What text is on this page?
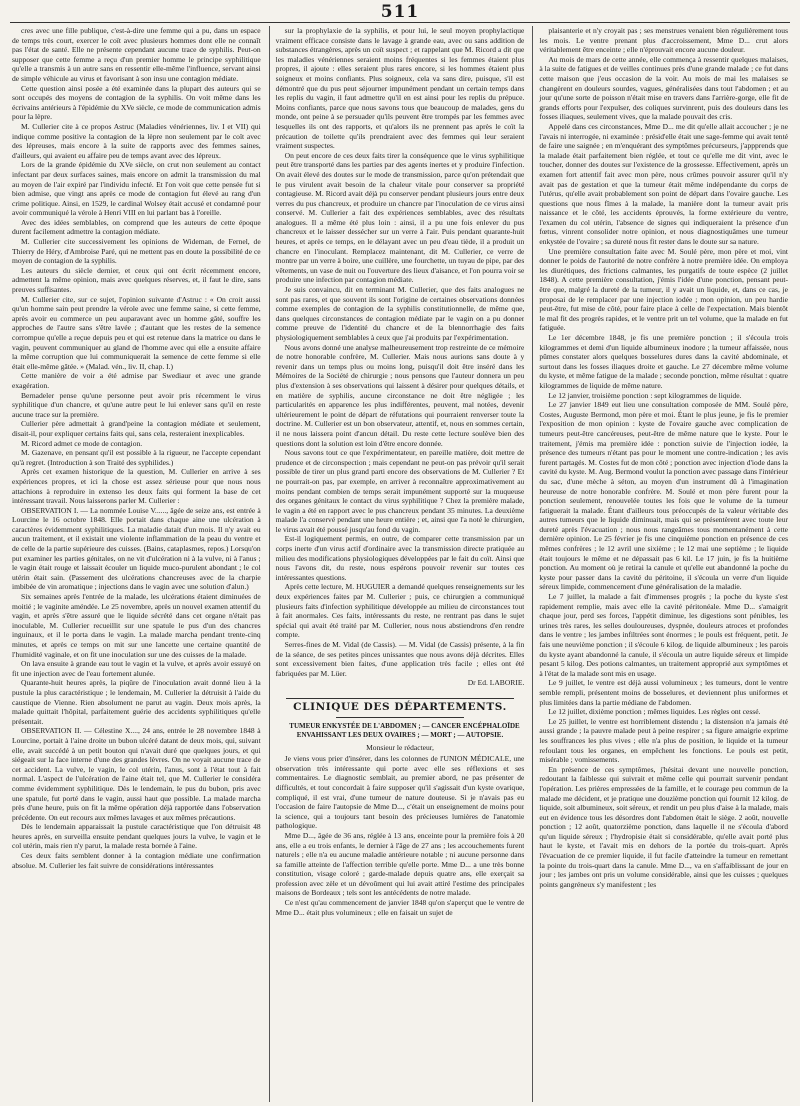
511

cres avec une fille publique, c'est-à-dire une femme qui a pu, dans un espace de temps très court, exercer le coït avec plusieurs hommes dont elle ne connaît pas l'état de santé. Elle ne présente cependant aucune trace de syphilis. Peut-on supposer que cette femme a reçu d'un premier homme le principe syphilitique qu'elle a transmis à un autre sans en ressentir elle-même l'influence, servant ainsi de simple véhicule au virus et favorisant à son insu une contagion médiate.

Cette question ainsi posée a été examinée dans la plupart des auteurs qui se sont occupés des moyens de contagion de la syphilis. On voit même dans les écrivains antérieurs à l'épidémie du XVe siècle, ce mode de communication admis pour la lèpre.

M. Cullerier cite à ce propos Astruc (Maladies vénériennes, liv. I et VII) qui indique comme positive la contagion de la lèpre non seulement par le coït avec des lépreuses, mais encore à la suite de rapports avec des femmes saines, d'ailleurs, qui avaient eu affaire peu de temps avant avec des lépreux.

Lors de la grande épidémie du XVe siècle, on crut non seulement au contact infectant par deux surfaces saines, mais encore on admit la transmission du mal au moyen de l'air expiré par l'individu infecté. Et l'on voit que cette pensée fut si bien admise, que vingt ans après ce mode de contagion fut élevé au rang d'un crime politique. Ainsi, en 1529, le cardinal Wolsey était accusé et condamné pour avoir communiqué la vérole à Henri VIII en lui parlant bas à l'oreille.

Avec des idées semblables, on comprend que les auteurs de cette époque durent facilement admettre la contagion médiate.

M. Cullerier cite successivement les opinions de Wideman, de Fernel, de Thierry de Héry, d'Ambroise Paré, qui ne mettent pas en doute la possibilité de ce moyen de contagion de la syphilis.

Les auteurs du siècle dernier, et ceux qui ont écrit récemment encore, admettent la même opinion, mais avec quelques réserves, et, il faut le dire, sans preuves suffisantes.

M. Cullerier cite, sur ce sujet, l'opinion suivante d'Astruc : « On croit aussi qu'un homme sain peut prendre la vérole avec une femme saine, si cette femme, après avoir eu commerce un peu auparavant avec un homme gâté, souffre les approches de l'autre sans s'être lavée ; d'autant que les restes de la semence corrompue qu'elle a reçue depuis peu et qui est retenue dans la matrice ou dans le vagin, peuvent communiquer au gland de l'homme avec qui elle a ensuite affaire la même corruption que lui communiquerait la semence de cette femme si elle était elle-même gâtée. » (Malad. vén., liv. II, chap. I.)

Cette manière de voir a été admise par Swediaur et avec une grande exagération.

Bernadeler pense qu'une personne peut avoir pris récemment le virus syphilitique d'un chancre, et qu'une autre peut le lui enlever sans qu'il en reste aucune trace sur la première.

Cullerier père admettait à grand'peine la contagion médiate et seulement, disait-il, pour expliquer certains faits qui, sans cela, resteraient inexplicables.

M. Ricord admet ce mode de contagion.

M. Gazenave, en pensant qu'il est possible à la rigueur, ne l'accepte cependant qu'à regret. (Introduction à son Traité des syphilides.)

Après cet examen historique de la question, M. Cullerier en arrive à ses expériences propres, et ici la chose est assez sérieuse pour que nous nous attachions à reproduire in extenso les deux faits qui forment la base de cet intéressant travail. Nous laisserons parler M. Cullerier :

OBSERVATION I. — La nommée Louise V......, âgée de seize ans, est entrée à Lourcine le 16 octobre 1848. Elle portait dans chaque aine une ulcération à caractères évidemment syphilitiques. La maladie datait d'un mois. Il n'y avait eu aucun traitement, et il existait une violente inflammation de la peau du ventre et de celle de la partie supérieure des cuisses. (Bains, cataplasmes, repos.) Lorsqu'on put examiner les parties génitales, on ne vit d'ulcération ni à la vulve, ni à l'anus ; le vagin était rouge et laissait écouler un liquide muco-purulent abondant ; le col utérin était sain. (Passement des ulcérations chancreuses avec de la charpie imbibée de vin aromatique ; injections dans le vagin avec une solution d'alun.)

Six semaines après l'entrée de la malade, les ulcérations étaient diminuées de moitié ; le vaginite améndée. Le 25 novembre, après un nouvel examen attentif du vagin, et après s'être assuré que le liquide sécrété dans cet organe n'était pas inoculable, M. Cullerier recueillit sur une spatule le pus d'un des chancres inguinaux, et il le porta dans le vagin. La malade marcha pendant trente-cinq minutes, et après ce temps on mit sur une lancette une certaine quantité de l'humidité vaginale, et on fit une inoculation sur une des cuisses de la malade.

On lava ensuite à grande eau tout le vagin et la vulve, et après avoir essuyé on fit une injection avec de l'eau fortement alunée.

Quarante-huit heures après, la piqûre de l'inoculation avait donné lieu à la pustule la plus caractéristique ; le lendemain, M. Cullerier la détruisit à l'aide du caustique de Vienne. Rien absolument ne parut au vagin. Deux mois après, la malade quittait l'hôpital, parfaitement guérie des accidents syphilitiques qu'elle présentait.

OBSERVATION II. — Célestine X...., 24 ans, entrée le 28 novembre 1848 à Lourcine, portait à l'aine droite un bubon ulcéré datant de deux mois, qui, suivant elle, avait succédé à un petit bouton qui n'avait duré que quelques jours, et qui siégeait sur la face interne d'une des grandes lèvres. On ne voyait aucune trace de cet accident. La vulve, le vagin, le col utérin, l'anus, sont à l'état tout à fait normal. L'aspect de l'ulcération de l'aine était tel, que M. Cullerier le considéra comme évidemment syphilitique. Dès le lendemain, le pus du bubon, pris avec une spatule, fut porté dans le vagin, aussi haut que possible. La malade marcha près d'une heure, puis on fit la même opération déjà rapportée dans l'observation précédente. On eut recours aux mêmes lavages et aux mêmes précautions.

Dès le lendemain apparaissait la pustule caractéristique que l'on détruisit 48 heures après, en surveilla ensuite pendant quelques jours la vulve, le vagin et le col utérin, mais rien n'y parut, la malade resta bornée à l'aine.

Ces deux faits semblent donner à la contagion médiate une confirmation absolue. M. Cullerier les fait suivre de considérations intéressantes

sur la prophylaxie de la syphilis, et pour lui, le seul moyen prophylactique vraiment efficace consiste dans le lavage à grande eau, avec ou sans addition de substances étrangères, après un coït suspect ; et rappelant que M. Ricord a dit que les maladies vénériennes seraient moins fréquentes si les femmes étaient plus propres, il ajoute : elles seraient plus rares encore, si les hommes étaient plus soigneux et moins confiants. Plus soigneux, cela va sans dire, puisque, s'il est démontré que du pus peut séjourner impunément pendant un certain temps dans les replis du vagin, il faut admettre qu'il en est ainsi pour les replis du prépuce. Moins confiants, parce que nous savons tous que beaucoup de malades, gens du monde, ont peine à se persuader qu'ils peuvent être trompés par les femmes avec lesquelles ils ont des rapports, et qu'alors ils ne prennent pas après le coït la précaution de toilette qu'ils prendraient avec des femmes qui leur seraient vraiment suspectes.

On peut encore de ces deux faits tirer la conséquence que le virus syphilitique peut être transporté dans les parties par des agents inertes et y produire l'infection. On avait élevé des doutes sur le mode de transmission, parce qu'on prétendait que le pus virulent avait besoin de la chaleur vitale pour conserver sa propriété contagieuse. M. Ricord avait déjà pu conserver pendant plusieurs jours entre deux verres du pus chancreux, et produire un chancre par l'inoculation de ce virus ainsi conservé. M. Cullerier a fait des expériences semblables, avec des résultats analogues. Il a même été plus loin : ainsi, il a pu une fois enlever du pus chancreux et le laisser dessécher sur un verre à l'air. Puis pendant quarante-huit heures, et après ce temps, en le délayant avec un peu d'eau tiède, il a produit un chancre en l'inoculant. Remplacez maintenant, dit M. Cullerier, ce verre de montre par un verre à boire, une cuillère, une fourchette, un tuyau de pipe, par des vêtements, un vase de nuit ou l'ouverture des lieux d'aisance, et l'on pourra voir se produire une infection par contagion médiate.

Je suis convaincu, dit en terminant M. Cullerier, que des faits analogues ne sont pas rares, et que souvent ils sont l'origine de certaines observations données comme exemples de contagion de la syphilis constitutionnelle, de même que, dans quelques circonstances de contagion médiate par le vagin on a pu donner comme preuve de l'identité du chancre et de la blennorrhagie des faits physiologiquement semblables à ceux que j'ai produits par l'expérimentation.

Nous avons donné une analyse malheureusement trop restreinte de ce mémoire de notre honorable confrère, M. Cullerier. Mais nous aurions sans doute à y revenir dans un temps plus ou moins long, puisqu'il doit être inséré dans les Mémoires de la Société de chirurgie ; nous pensons que l'auteur donnera un peu plus d'extension à ses observations qui laissent à désirer pour quelques détails, et en matière de syphilis, aucune circonstance ne doit être négligée ; les particularités en apparence les plus indifférentes, peuvent, mal notées, devenir ultérieurement le point de départ de réfutations qui pourraient renverser toute la doctrine. M. Cullerier est un bon observateur, attentif, et, nous en sommes certain, il ne nous laissera point d'ancun détail. Du reste cette lecture soulève bien des questions dont la solution est loin d'être encore donnée.

Nous savons tout ce que l'expérimentateur, en pareille matière, doit mettre de prudence et de circonspection ; mais cependant ne peut-on pas prévoir qu'il serait possible de tirer un plus grand parti encore des observations de M. Cullerier ? Et ne pourrait-on pas, par exemple, en arriver à reconnaître approximativement au moins pendant combien de temps serait impunément supporté sur la muqueuse des organes génitaux le contact du virus syphilitique ? Chez la première malade, le vagin a été en rapport avec le pus chancreux pendant 35 minutes. La deuxième malade l'a conservé pendant une heure entière ; et, ainsi que l'a noté le chirurgien, le virus avait été poussé jusqu'au fond du vagin.

Est-il logiquement permis, en outre, de comparer cette transmission par un corps inerte d'un virus actif d'ordinaire avec la transmission directe pratiquée au milieu des modifications physiologiques développées par le fait du coït. Ainsi que nous l'avons dit, du reste, nous espérons pouvoir revenir sur toutes ces intéressantes questions.

Après cette lecture, M. HUGUIER a demandé quelques renseignements sur les deux expériences faites par M. Cullerier ; puis, ce chirurgien a communiqué plusieurs faits d'infection syphilitique développée au milieu de circonstances tout à fait anormales. Ces faits, intéressants du reste, ne rentrant pas dans le sujet spécial qui avait été traité par M. Cullerier, nous nous abstiendrons d'en rendre compte.

Serres-fines de M. Vidal (de Cassis). — M. Vidal (de Cassis) présente, à la fin de la séance, de ses petites pinces unissantes que nous avons déjà décrites. Elles sont excessivement bien faites, d'une application très facile ; elles ont été fabriquées par M. Lüer.

Dr Ed. LABORIE.

CLINIQUE DES DÉPARTEMENTS.

TUMEUR ENKYSTÉE DE L'ABDOMEN ; — CANCER ENCÉPHALOÏDE ENVAHISSANT LES DEUX OVAIRES ; — MORT ; — AUTOPSIE.

Monsieur le rédacteur,

Je viens vous prier d'insérer, dans les colonnes de l'UNION MÉDICALE, une observation très intéressante qui porte avec elle ses réflexions et ses commentaires. Le diagnostic semblait, au premier abord, ne pas présenter de difficultés, et tout concordait à faire supposer qu'il s'agissait d'un kyste ovarique, compliqué, il est vrai, d'une tumeur de nature douteuse. Si je n'avais pas eu l'occasion de faire l'autopsie de Mme D..., c'était un enseignement de moins pour la science, qui a toujours tant besoin des précieuses lumières de l'anatomie pathologique.

Mme D..., âgée de 36 ans, réglée à 13 ans, enceinte pour la première fois à 20 ans, elle a eu trois enfants, le dernier à l'âge de 27 ans ; les accouchements furent naturels ; elle n'a eu aucune maladie antérieure notable ; ni aucune personne dans sa famille atteinte de l'affection terrible qu'elle porte. Mme D... a une très bonne constitution, visage coloré ; garde-malade depuis quatre ans, elle exerçait sa profession avec zèle et un dévoûment qui lui avait attiré l'estime des principales maisons de Bordeaux ; tels sont les antécédents de notre malade.

Ce n'est qu'au commencement de janvier 1848 qu'on s'aperçut que le ventre de Mme D... était plus volumineux ; elle en faisait un sujet de

plaisanterie et n'y croyait pas ; ses menstrues venaient bien régulièrement tous les mois. Le ventre prenant plus d'accroissement, Mme D... crut alors véritablement être enceinte ; elle n'éprouvait encore aucune douleur.

Au mois de mars de cette année, elle commença à ressentir quelques malaises, à la suite de fatigues et de veilles continues près d'une grande malade ; ce fut dans cette maison que j'eus occasion de la voir. Au mois de mai les malaises se changèrent en douleurs sourdes, vagues, généralisées dans tout l'abdomen ; et au jour qu'une sorte de poisson n'était mise en travers dans l'arrière-gorge, elle fit de grands efforts pour l'expulser, des coliques survinrent, puis des douleurs dans les fosses iliaques, seulement vives, que la malade pouvait des cris.

Appelé dans ces circonstances, Mme D... me dit qu'elle allait accoucher ; je ne l'avais ni interrogée, ni examinée : présid'elle était une sage-femme qui avait tenté de faire une saignée ; en m'enquérant des symptômes précurseurs, j'appprends que la malade était parfaitement bien réglée, et tout ce qu'elle me dit vint, avec le toucher, donner des doutes sur l'existence de la grossesse. Effectivement, après un examen fort attentif fait avec mon père, nous crûmes pouvoir assurer qu'il n'y avait pas de gestation et que la tumeur était même indépendante du corps de l'utérus, qu'elle avait probablement son point de départ dans l'ovaire gauche. Les questions que nous fîmes à la malade, la manière dont la tumeur avait pris naissance et le côté, les accidents éprouvés, la forme extérieure du ventre, l'examen du col utérin, l'absence de signes qui indiqueraient la présence d'un fœtus, vinrent consolider notre opinion, et nous diagnostiquâmes une tumeur enkystée de l'ovaire ; sa dureté nous fit rester dans le doute sur sa nature.

Une première consultation faite avec M. Soulé père, mon père et moi, vint donner le poids de l'autorité de notre confrère à notre première idée. On employa les diurétiques, des frictions calmantes, les purgatifs de toute espèce (2 juillet 1848). A cette première consultation, j'émis l'idée d'une ponction, pensant peut-être que, malgré la dureté de la tumeur, il y avait un liquide, et, dans ce cas, je proposai de le remplacer par une injection iodée ; mon opinion, un peu hardie peut-être, fut mise de côté, pour faire place à celle de l'expectation. Mais bientôt le mal fit des progrès rapides, et le ventre prit un tel volume, que la malade en fut fatiguée.

Le 1er décembre 1848, je fis une première ponction ; il s'écoula trois kilogrammes et demi d'un liquide albumineux inodore ; la tumeur affaissée, nous pûmes constater alors quelques bosselures dures dans la cavité abdominale, et surtout dans les fosses iliaques droite et gauche. Le 27 décembre même volume du kyste, et même fatigue de la malade ; seconde ponction, même résultat : quatre kilogrammes de liquide de même nature.

Le 12 janvier, troisième ponction : sept kilogrammes de liquide.

Le 27 janvier 1849 eut lieu une consultation composée de MM. Soulé père, Costes, Auguste Bermond, mon père et moi. Étant le plus jeune, je fis le premier l'exposition de mon opinion : kyste de l'ovaire gauche avec complication de tumeurs peut-être cancéreuses, peut-être de même nature que le kyste. Pour le traitement, j'émis ma première idée : ponction suivie de l'injection iodée, la présence des tumeurs n'étant pas pour le moment une contre-indication ; les avis furent partagés. M. Costes fut de mon côté ; ponction avec injection d'iode dans la cavité du kyste. M. Aug. Bermond voulut la ponction avec passage dans l'intérieur du sac, d'une mèche à séton, au moyen d'un instrument dû à l'imagination heureuse de notre honorable confrère. M. Soulé et mon père furent pour la ponction seulement, renouvelée toutes les fois que le volume de la tumeur fatiguerait la malade. Étant d'ailleurs tous préoccupés de la valeur véritable des autres tumeurs que le liquide diminuait, mais qui se présentèrent avec toute leur dureté après l'évacuation ; nous nous rangeâmes tous momentanément à cette dernière opinion. Le 25 février je fis une cinquième ponction en présence de ces mêmes confrères ; le 12 avril une sixième ; le 12 mai une septième ; le liquide était toujours le même et ne dépassait pas 6 kil. Le 17 juin, je fis la huitième ponction. Au moment où je retirai la canule et qu'elle eut abandonné la poche du kyste pour passer dans la cavité du péritoine, il s'écoula un verre d'un liquide séreux limpide, commencement d'une généralisation de la maladie.

Le 7 juillet, la malade a fait d'immenses progrès ; la poche du kyste s'est rapidement remplie, mais avec elle la cavité péritonéale. Mme D... s'amaigrit chaque jour, perd ses forces, l'appétit diminue, les digestions sont pénibles, les urines très rares, les selles douloureuses, dyspnée, douleurs atroces et profondes dans le ventre ; les jambes infiltrées sont énormes ; le pouls est fréquent, petit. Je fais une neuvième ponction ; il s'écoule 6 kilog. de liquide albumineux ; les parois du kyste ayant abandonné la canule, il s'écoula un autre liquide séreux et limpide pesant 5 kilog. Des potions calmantes, un traitement approprié aux symptômes et à l'état de la malade sont mis en usage.

Le 9 juillet, le ventre est déjà aussi volumineux ; les tumeurs, dont le ventre semble rempli, présentent moins de bosselures, et deviennent plus uniformes et plus limitées dans la partie médiane de l'abdomen.

Le 12 juillet, dixième ponction ; mêmes liquides. Les règles ont cessé.

Le 25 juillet, le ventre est horriblement distendu ; la distension n'a jamais été aussi grande ; la pauvre malade peut à peine respirer ; sa figure amaigrie exprime les souffrances les plus vives ; elle n'a plus de position, le liquide et la tumeur refoulant tous les organes, en empêchent les fonctions. Le pouls est petit, misérable ; vomissements.

En présence de ces symptômes, j'hésitai devant une nouvelle ponction, redoutant la faiblesse qui suivrait et même celle qui pourrait survenir pendant l'opération. Les prières empressées de la famille, et le courage peu commun de la malade me décident, et je pratique une douzième ponction qui fournit 12 kilog. de liquide, soit albumineux, soit séreux, et rendit un peu plus d'aise à la malade, mais eut en évidence tous les désordres dont l'abdomen était le siège. 2 août, nouvelle ponction ; 12 août, quatorzième ponction, dans laquelle il ne s'écoula d'abord qu'un liquide séreux ; l'hydropisie était si considérable, qu'elle avait porté plus haut le kyste, et l'avait mis en dehors de la portée du trois-quart. Après l'évacuation de ce premier liquide, il fut facile d'atteindre la tumeur en remettant la pointe du trois-quart dans la canule. Mme D..., va en s'affaiblissant de jour en jour ; les jambes ont pris un volume considérable, ainsi que les cuisses ; quelques points gangréneux s'y manifestent ; les
